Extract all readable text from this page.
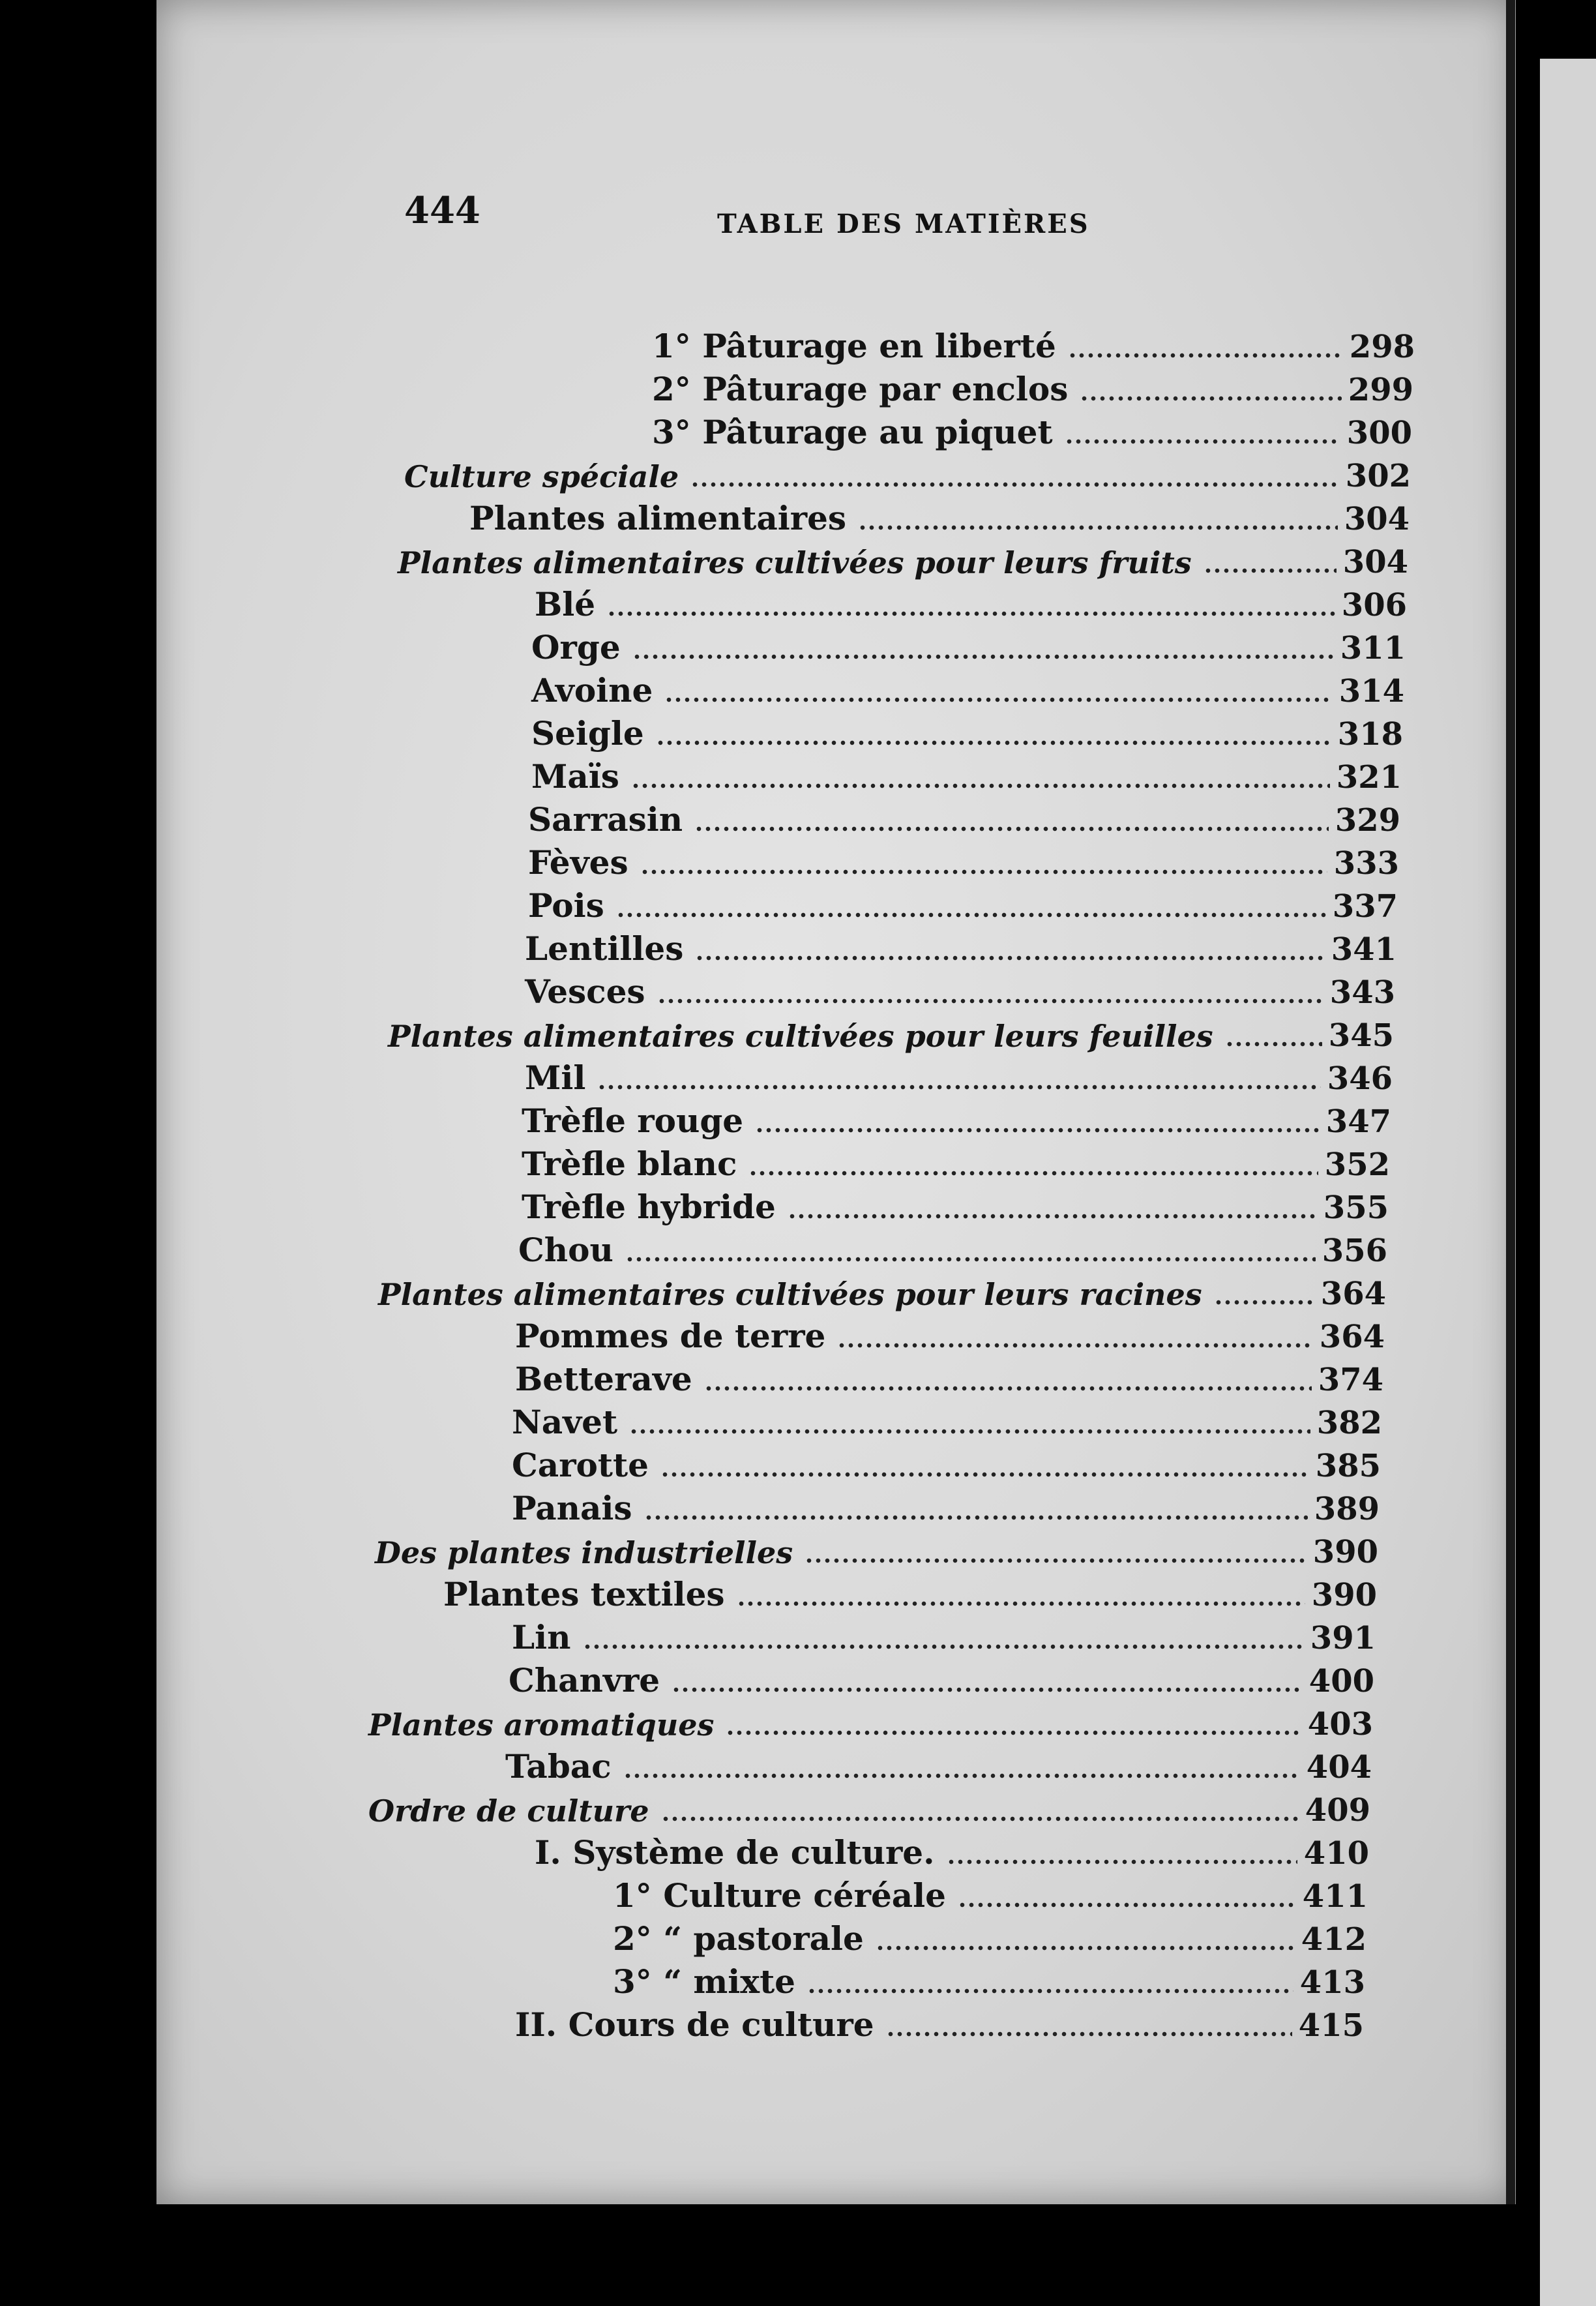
444	TABLE DES MATIÈRES
1° Pâturage en liberté	298
2° Pâturage par enclos	299
3° Pâturage au piquet	300
Culture spéciale	302
Plantes alimentaires	304
Plantes alimentaires cultivées pour leurs fruits	304
Blé	306
Orge	311
Avoine	314
Seigle	318
Maïs	321
Sarrasin	329
Fèves	333
Pois	337
Lentilles	341
Vesces	343
Plantes alimentaires cultivées pour leurs feuilles	345
Mil	346
Trèfle rouge	347
Trèfle blanc	352
Trèfle hybride	355
Chou	356
Plantes alimentaires cultivées pour leurs racines	364
Pommes de terre	364
Betterave	374
Navet	382
Carotte	385
Panais	389
Des plantes industrielles	390
Plantes textiles	390
Lin	391
Chanvre	400
Plantes aromatiques	403
Tabac	404
Ordre de culture	409
I. Système de culture.	410
1° Culture céréale	411
2° “ pastorale	412
3° “ mixte	413
II. Cours de culture	415
